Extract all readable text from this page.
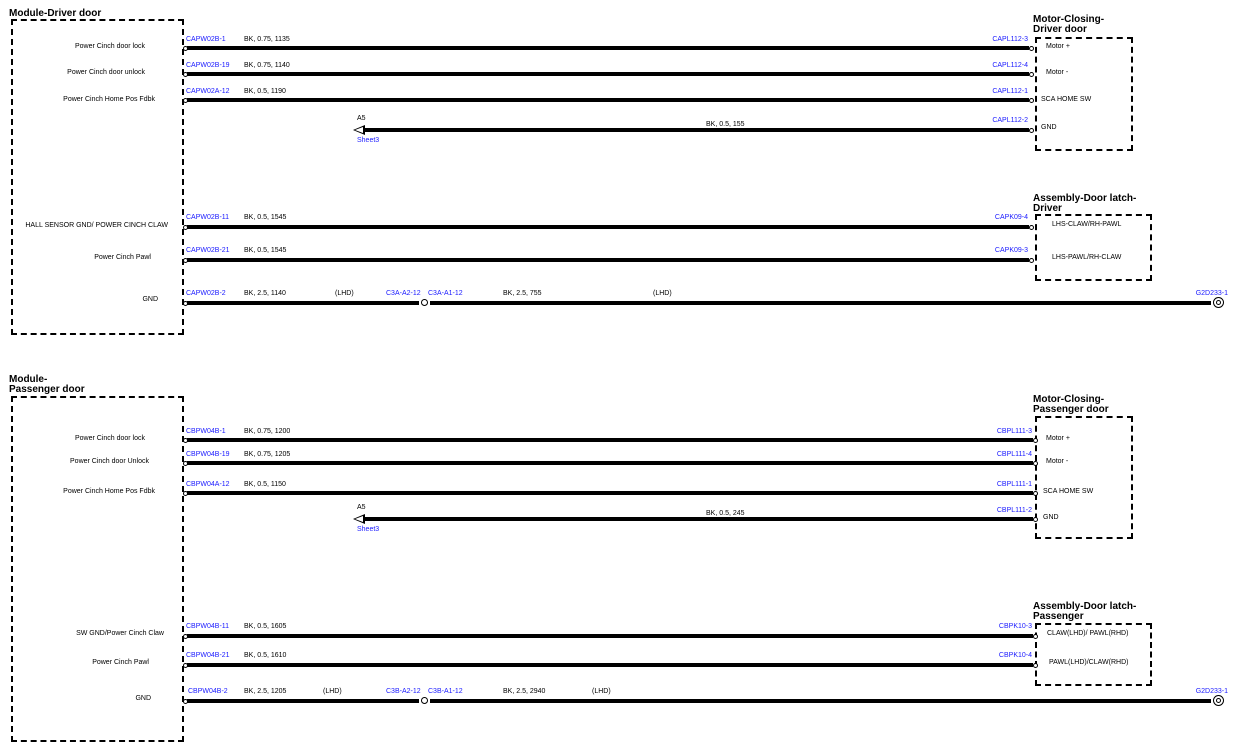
Module-Driver door
Motor-Closing-
Driver door
Assembly-Door latch-
Driver
Power Cinch door lock
CAPW02B-1	BK, 0.75, 1135	CAPL112-3
Motor +
Power Cinch door unlock
CAPW02B-19 BK, 0.75, 1140	CAPL112-4
Motor -
Power Cinch Home Pos Fdbk
CAPW02A-12 BK, 0.5, 1190	CAPL112-1
SCA HOME SW
A5
Sheet3
BK, 0.5, 155
CAPL112-2
GND
HALL SENSOR GND/ POWER CINCH CLAW
CAPW02B-11 BK, 0.5, 1545	CAPK09-4
LHS-CLAW/RH-PAWL
Power Cinch Pawl
CAPW02B-21 BK, 0.5, 1545	CAPK09-3
LHS-PAWL/RH-CLAW
GND
CAPW02B-2	BK, 2.5, 1140	(LHD)	C3A-A2-12 C3A-A1-12	BK, 2.5, 755	(LHD)	G2D233-1
Module-
Passenger door
Motor-Closing-
Passenger door
Assembly-Door latch-
Passenger
Power Cinch door lock
CBPW04B-1	BK, 0.75, 1200	CBPL111-3
Motor +
Power Cinch door Unlock
CBPW04B-19 BK, 0.75, 1205	CBPL111-4
Motor -
Power Cinch Home Pos Fdbk
CBPW04A-12 BK, 0.5, 1150	CBPL111-1
SCA HOME SW
A5
Sheet3
BK, 0.5, 245	CBPL111-2
GND
SW GND/Power Cinch Claw
CBPW04B-11 BK, 0.5, 1605	CBPK10-3
CLAW(LHD)/ PAWL(RHD)
Power Cinch Pawl
CBPW04B-21 BK, 0.5, 1610	CBPK10-4
PAWL(LHD)/CLAW(RHD)
GND
CBPW04B-2 BK, 2.5, 1205	(LHD)	C3B-A2-12 C3B-A1-12	BK, 2.5, 2940	(LHD)	G2D233-1
